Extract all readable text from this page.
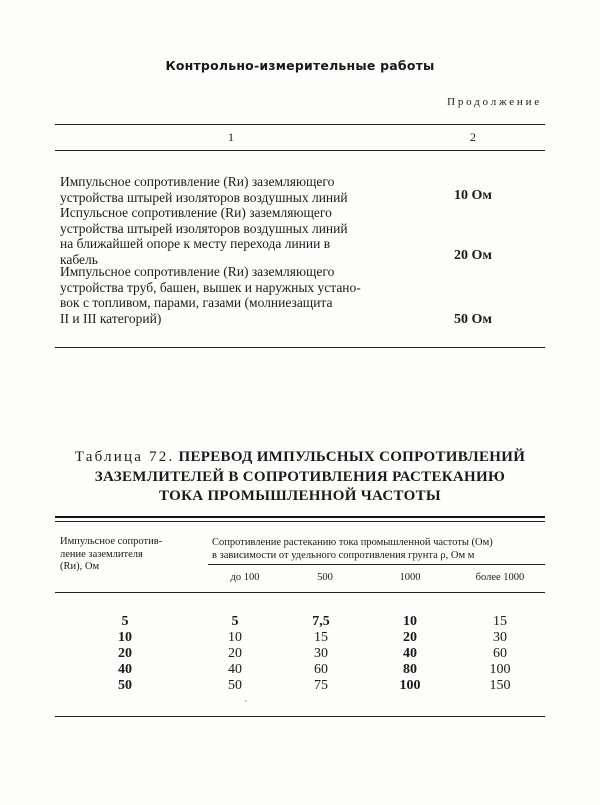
Контрольно-измерительные работы
Продолжение
1	2
Импульсное сопротивление (Rи) заземляющего
устройства штырей изоляторов воздушных линий	10 Ом
Испульсное сопротивление (Rи) заземляющего
устройства штырей изоляторов воздушных линий
на ближайшей опоре к месту перехода линии в
кабель	20 Ом
Импульсное сопротивление (Rи) заземляющего
устройства труб, башен, вышек и наружных устано-
вок с топливом, парами, газами (молниезащита
II и III категорий)	50 Ом
Таблица 72. ПЕРЕВОД ИМПУЛЬСНЫХ СОПРОТИВЛЕНИЙ
ЗАЗЕМЛИТЕЛЕЙ В СОПРОТИВЛЕНИЯ РАСТЕКАНИЮ
ТОКА ПРОМЫШЛЕННОЙ ЧАСТОТЫ
Импульсное сопротив-
ление заземлителя
(Rи), Ом
Сопротивление растеканию тока промышленной частоты (Ом)
в зависимости от удельного сопротивления грунта ρ, Ом м
до 100	500	1000	более 1000
5	5	7,5	10	15
10	10	15	20	30
20	20	30	40	60
40	40	60	80	100
50	50	75	100	150
ˊ
